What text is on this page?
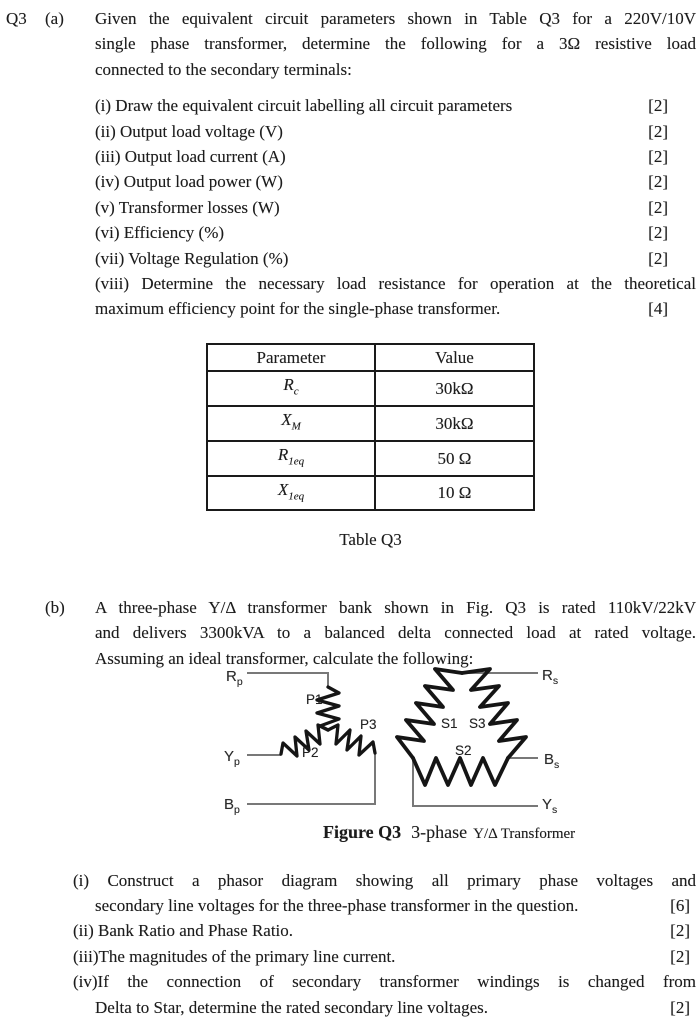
Q3	(a)	Given the equivalent circuit parameters shown in Table Q3 for a 220V/10V
single phase transformer, determine the following for a 3Ω resistive load
connected to the secondary terminals:
(i) Draw the equivalent circuit labelling all circuit parameters	[2]
(ii) Output load voltage (V)	[2]
(iii) Output load current (A)	[2]
(iv) Output load power (W)	[2]
(v) Transformer losses (W)	[2]
(vi) Efficiency (%)	[2]
(vii) Voltage Regulation (%)	[2]
(viii) Determine the necessary load resistance for operation at the theoretical
maximum efficiency point for the single-phase transformer.	[4]
Parameter	Value
$R_c$	30kΩ
$X_M$	30kΩ
$R_{1eq}$	50 Ω
$X_{1eq}$	10 Ω
Table Q3
(b)	A three-phase Y/Δ transformer bank shown in Fig. Q3 is rated 110kV/22kV
and delivers 3300kVA to a balanced delta connected load at rated voltage.
Assuming an ideal transformer, calculate the following:
P1
P2
P3	S1
S2
S3
$R_p$
$Y_p$
$B_p$
$R_s$
$B_s$
$Y_s$
Figure Q3 3-phase Y/Δ Transformer
(i) Construct a phasor diagram showing all primary phase voltages and
secondary line voltages for the three-phase transformer in the question.	[6]
(ii) Bank Ratio and Phase Ratio.	[2]
(iii)The magnitudes of the primary line current.	[2]
(iv)If the connection of secondary transformer windings is changed from
Delta to Star, determine the rated secondary line voltages.	[2]
